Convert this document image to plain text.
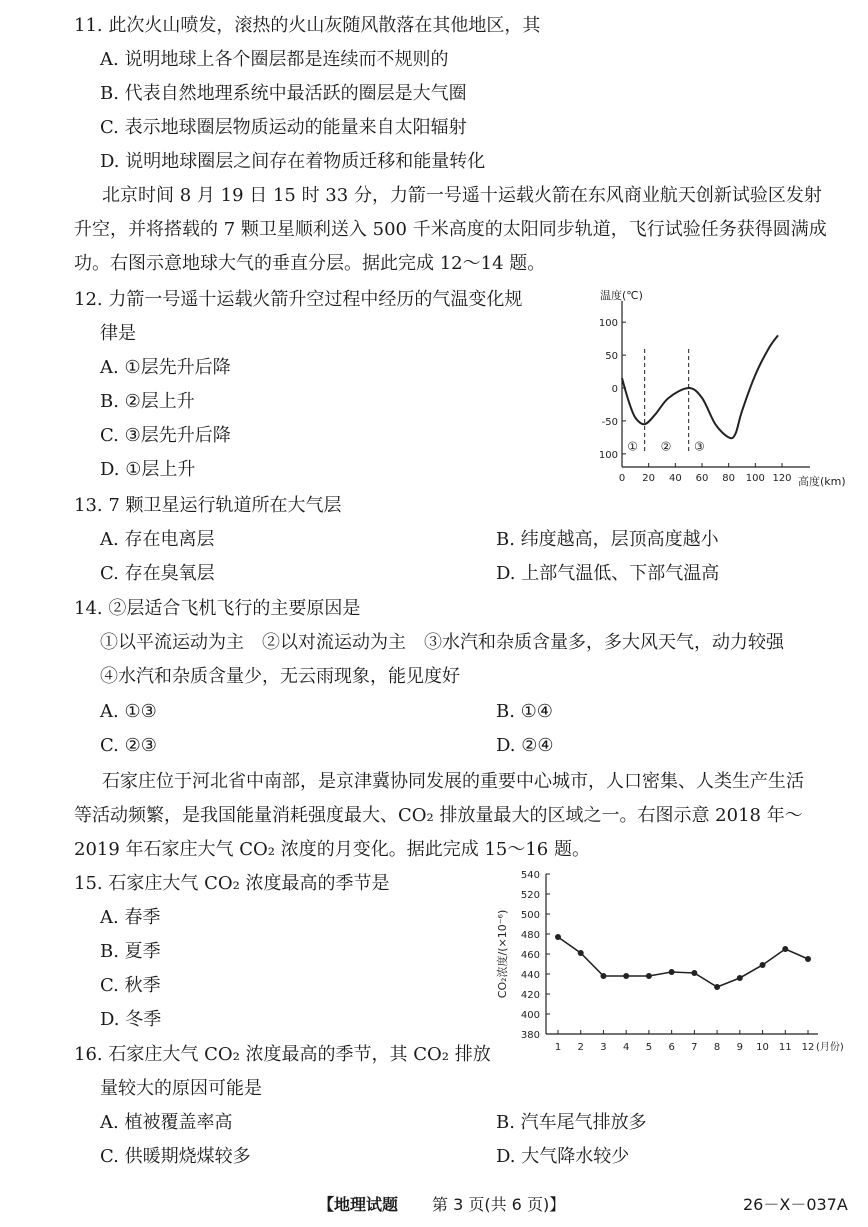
11. 此次火山喷发，滚热的火山灰随风散落在其他地区，其
A. 说明地球上各个圈层都是连续而不规则的
B. 代表自然地理系统中最活跃的圈层是大气圈
C. 表示地球圈层物质运动的能量来自太阳辐射
D. 说明地球圈层之间存在着物质迁移和能量转化
北京时间 8 月 19 日 15 时 33 分，力箭一号遥十运载火箭在东风商业航天创新试验区发射
升空，并将搭载的 7 颗卫星顺利送入 500 千米高度的太阳同步轨道，飞行试验任务获得圆满成
功。右图示意地球大气的垂直分层。据此完成 12～14 题。
12. 力箭一号遥十运载火箭升空过程中经历的气温变化规
律是
A. ①层先升后降
B. ②层上升
C. ③层先升后降
D. ①层上升
温度(℃)
高度(km)
100
50
0
-50
100
0 20 40 60 80 100 120
① ② ③
13. 7 颗卫星运行轨道所在大气层
A. 存在电离层	B. 纬度越高，层顶高度越小
C. 存在臭氧层	D. 上部气温低、下部气温高
14. ②层适合飞机飞行的主要原因是
①以平流运动为主　②以对流运动为主　③水汽和杂质含量多，多大风天气，动力较强
④水汽和杂质含量少，无云雨现象，能见度好
A. ①③	B. ①④
C. ②③	D. ②④
石家庄位于河北省中南部，是京津冀协同发展的重要中心城市，人口密集、人类生产生活
等活动频繁，是我国能量消耗强度最大、CO₂ 排放量最大的区域之一。右图示意 2018 年～
2019 年石家庄大气 CO₂ 浓度的月变化。据此完成 15～16 题。
15. 石家庄大气 CO₂ 浓度最高的季节是
A. 春季
B. 夏季
C. 秋季
D. 冬季
380
400
420
440
460
480
500
520
540
1 2 3 4 5 6 7 8 9 10 11 12 (月份)
CO₂浓度/(×10⁻⁶)
16. 石家庄大气 CO₂ 浓度最高的季节，其 CO₂ 排放
量较大的原因可能是
A. 植被覆盖率高	B. 汽车尾气排放多
C. 供暖期烧煤较多	D. 大气降水较少
【地理试题 第 3 页(共 6 页)】	26－X－037A
